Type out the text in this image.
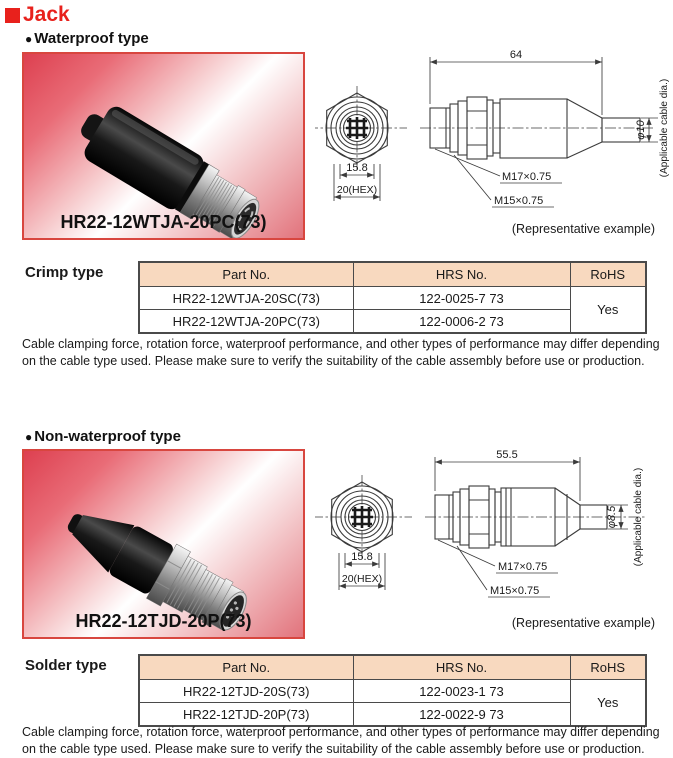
Jack
● Waterproof type
HR22-12WTJA-20PC(73)
15.8
20(HEX)
64
φ10 (Applicable cable dia.)
M17×0.75
M15×0.75
(Representative example)
Crimp type	Part No.	HRS No.	RoHS
HR22-12WTJA-20SC(73)	122-0025-7 73	Yes
HR22-12WTJA-20PC(73)	122-0006-2 73	
Cable clamping force, rotation force, waterproof performance, and other types of performance may differ depending on the cable type used. Please make sure to verify the suitability of the cable assembly before use or production.
● Non-waterproof type
HR22-12TJD-20P(73)
15.8
20(HEX)
55.5
φ8.5 (Applicable cable dia.)
M17×0.75
M15×0.75
(Representative example)
Solder type	Part No.	HRS No.	RoHS
HR22-12TJD-20S(73)	122-0023-1 73	Yes
HR22-12TJD-20P(73)	122-0022-9 73	
Cable clamping force, rotation force, waterproof performance, and other types of performance may differ depending on the cable type used. Please make sure to verify the suitability of the cable assembly before use or production.
